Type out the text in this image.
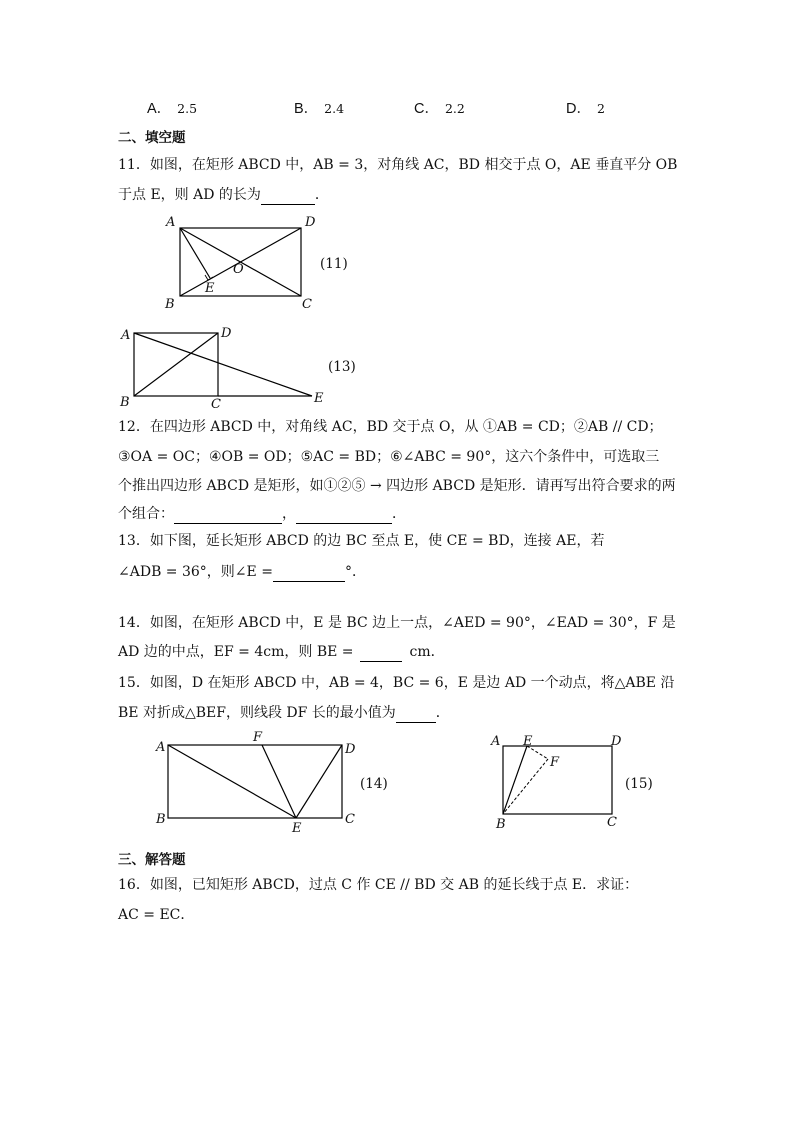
A． 2.5	B． 2.4	C． 2.2	D． 2
二、填空题
11．如图，在矩形 ABCD 中，AB = 3，对角线 AC，BD 相交于点 O，AE 垂直平分 OB
于点 E，则 AD 的长为	．
A	D
B	C
O
E
(11)
A	D
B	C	E
(13)
12．在四边形 ABCD 中，对角线 AC，BD 交于点 O，从 ①AB = CD；②AB // CD；
③OA = OC；④OB = OD；⑤AC = BD；⑥∠ABC = 90°，这六个条件中，可选取三
个推出四边形 ABCD 是矩形，如①②⑤ → 四边形 ABCD 是矩形．请再写出符合要求的两
个组合：	，	．
13．如下图，延长矩形 ABCD 的边 BC 至点 E，使 CE = BD，连接 AE，若
∠ADB = 36°，则∠E =	°．
14．如图，在矩形 ABCD 中，E 是 BC 边上一点，∠AED = 90°，∠EAD = 30°，F 是
AD 边的中点，EF = 4cm，则 BE =	cm．
15．如图，D 在矩形 ABCD 中，AB = 4，BC = 6，E 是边 AD 一个动点，将△ABE 沿
BE 对折成△BEF，则线段 DF 长的最小值为	．
A
F
D
B	C
E
(14)
A E	D
F
B	C
(15)
三、解答题
16．如图，已知矩形 ABCD，过点 C 作 CE // BD 交 AB 的延长线于点 E．求证：
AC = EC．
